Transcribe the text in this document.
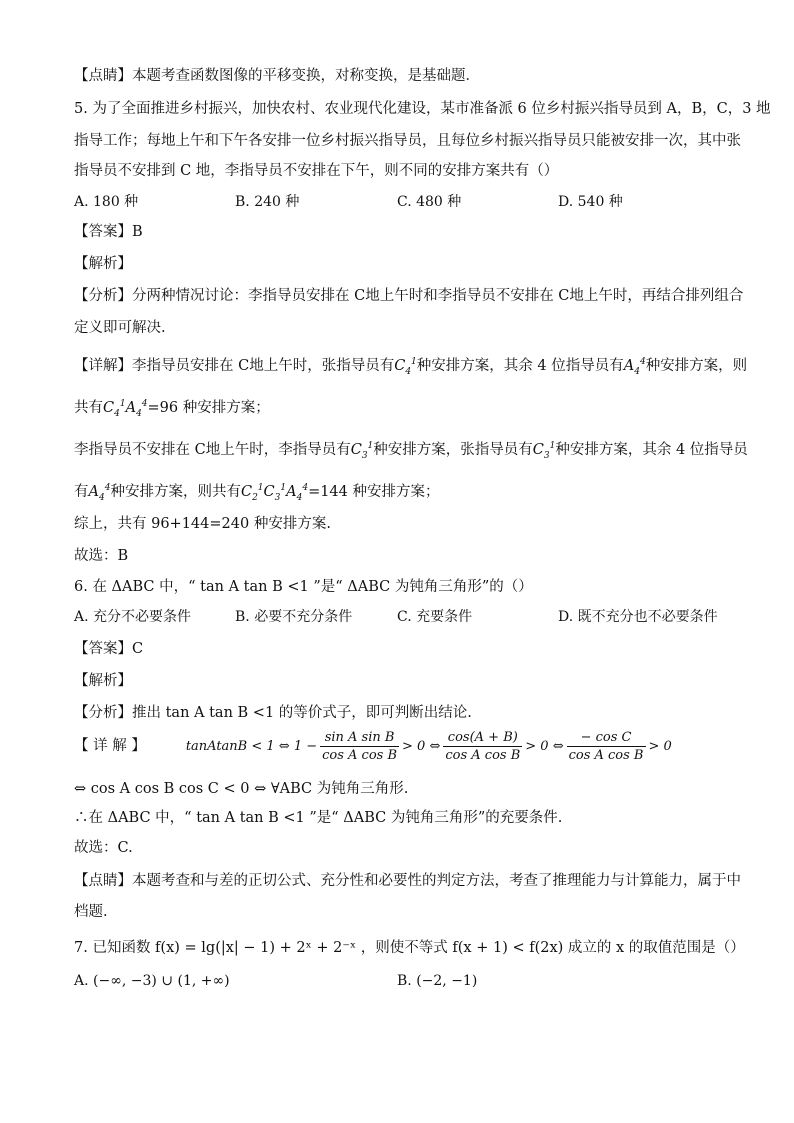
【点睛】本题考查函数图像的平移变换，对称变换，是基础题．
5. 为了全面推进乡村振兴，加快农村、农业现代化建设，某市准备派 6 位乡村振兴指导员到 A，B，C，3 地
指导工作；每地上午和下午各安排一位乡村振兴指导员，且每位乡村振兴指导员只能被安排一次，其中张
指导员不安排到 C 地，李指导员不安排在下午，则不同的安排方案共有（）
A. 180 种	B. 240 种	C. 480 种	D. 540 种
【答案】B
【解析】
【分析】分两种情况讨论：李指导员安排在 C地上午时和李指导员不安排在 C地上午时，再结合排列组合
定义即可解决.
【详解】李指导员安排在 C地上午时，张指导员有$C_4^1$种安排方案，其余 4 位指导员有$A_4^4$种安排方案，则
共有$C_4^1A_4^4=96$ 种安排方案；
李指导员不安排在 C地上午时，李指导员有$C_3^1$种安排方案，张指导员有$C_3^1$种安排方案，其余 4 位指导员
有$A_4^4$种安排方案，则共有$C_2^1C_3^1A_4^4=144$ 种安排方案；
综上，共有 96+144=240 种安排方案.
故选：B
6. 在 ΔABC 中，“ tan A tan B <1 ”是“ ΔABC 为钝角三角形”的（）
A. 充分不必要条件	B. 必要不充分条件	C. 充要条件	D. 既不充分也不必要条件
【答案】C
【解析】
【分析】推出 tan A tan B <1 的等价式子，即可判断出结论.
【 详 解 】	tanAtanB < 1 ⇔ $1 - \frac{\text{sin A sin B}}{\text{cos A cos B}} > 0$ ⇔ $\frac{\cos(A + B)}{\text{cos A cos B}} > 0$ ⇔ $\frac{\text{− cos C}}{\text{cos A cos B}} > 0$
⇔ cos A cos B cos C < 0 ⇔ ∀ABC 为钝角三角形.
∴在 ΔABC 中，“ tan A tan B <1 ”是“ ΔABC 为钝角三角形”的充要条件.
故选：C.
【点睛】本题考查和与差的正切公式、充分性和必要性的判定方法，考查了推理能力与计算能力，属于中
档题.
7. 已知函数 f(x) = lg(|x| − 1) + 2ˣ + 2⁻ˣ ，则使不等式 f(x + 1) < f(2x) 成立的 x 的取值范围是（）
A. (−∞, −3) ∪ (1, +∞)	B. (−2, −1)
